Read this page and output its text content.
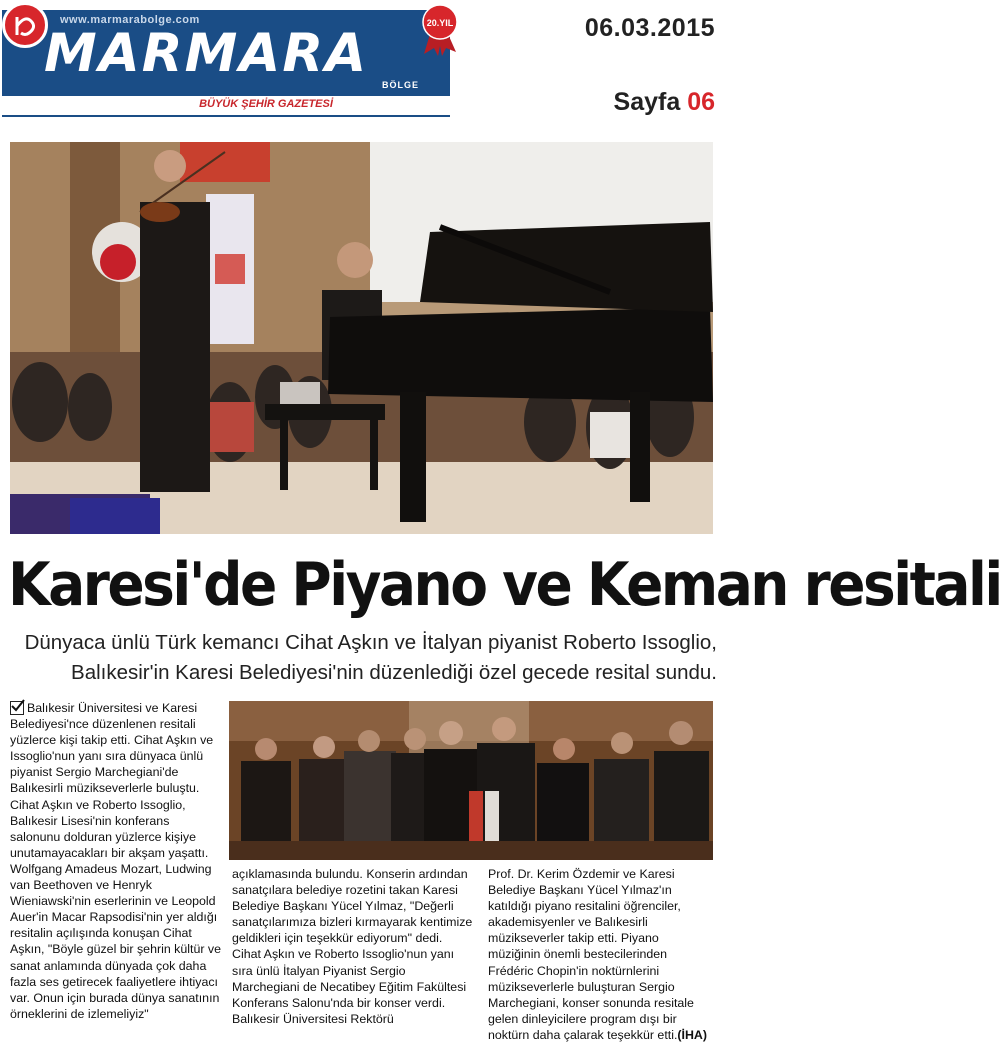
www.marmarabolge.com
MARMARA
BÖLGE
20.YIL
BÜYÜK ŞEHİR GAZETESİ
06.03.2015
Sayfa 06
Karesi'de Piyano ve Keman resitali
Dünyaca ünlü Türk kemancı Cihat Aşkın ve İtalyan piyanist Roberto Issoglio,
Balıkesir'in Karesi Belediyesi'nin düzenlediği özel gecede resital sundu.
Balıkesir Üniversitesi ve Karesi Belediyesi'nce düzenlenen resitali yüzlerce kişi takip etti. Cihat Aşkın ve Issoglio'nun yanı sıra dünyaca ünlü piyanist Sergio Marchegiani'de Balıkesirli müzikseverlerle buluştu. Cihat Aşkın ve Roberto Issoglio, Balıkesir Lisesi'nin konferans salonunu dolduran yüzlerce kişiye unutamayacakları bir akşam yaşattı. Wolfgang Amadeus Mozart, Ludwing van Beethoven ve Henryk Wieniawski'nin eserlerinin ve Leopold Auer'in Macar Rapsodisi'nin yer aldığı resitalin açılışında konuşan Cihat Aşkın, "Böyle güzel bir şehrin kültür ve sanat anlamında dünyada çok daha fazla ses getirecek faaliyetlere ihtiyacı var. Onun için burada dünya sanatının örneklerini de izlemeliyiz"
açıklamasında bulundu. Konserin ardından sanatçılara belediye rozetini takan Karesi Belediye Başkanı Yücel Yılmaz, "Değerli sanatçılarımıza bizleri kırmayarak kentimize geldikleri için teşekkür ediyorum" dedi. Cihat Aşkın ve Roberto Issoglio'nun yanı sıra ünlü İtalyan Piyanist Sergio Marchegiani de Necatibey Eğitim Fakültesi Konferans Salonu'nda bir konser verdi. Balıkesir Üniversitesi Rektörü
Prof. Dr. Kerim Özdemir ve Karesi Belediye Başkanı Yücel Yılmaz'ın katıldığı piyano resitalini öğrenciler, akademisyenler ve Balıkesirli müzikseverler takip etti. Piyano müziğinin önemli bestecilerinden Frédéric Chopin'in noktürnlerini müzikseverlerle buluşturan Sergio Marchegiani, konser sonunda resitale gelen dinleyicilere program dışı bir noktürn daha çalarak teşekkür etti.(İHA)
